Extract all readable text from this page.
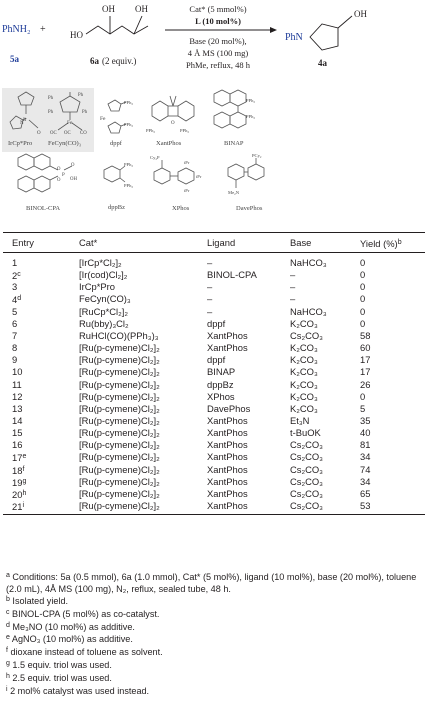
PhNH₂ +
5a
HO
OH OH
6a (2 equiv.)
Cat* (5 mmol%)
L (10 mol%)
Base (20 mol%),
4 Å MS (100 mg)
PhMe, reflux, 48 h
PhN
OH
4a
Ir
N
O
IrCp*Pro
Ph
Ph
Ph	Ph
Fe
OC	CO
OC
FeCyn(CO)₃
Fe
PPh₂
PPh₂
dppf
O
PPh₂	PPh₂
XantPhos
PPh₂
PPh₂
BINAP
O
O
P
O
OH
BINOL-CPA
PPh₂
PPh₂
dppBz
Cy₂P
iPr
iPr
iPr
XPhos
PCy₂
Me₂N
DavePhos
Entry	Cat*	Ligand	Base	Yield (%)$^b$
1	[IrCp*Cl₂]₂	–	NaHCO₃	0
2$^c$	[Ir(cod)Cl₂]₂	BINOL-CPA	–	0
3	IrCp*Pro	–	–	0
4$^d$	FeCyn(CO)₃	–	–	0
5	[RuCp*Cl₂]₂	–	NaHCO₃	0
6	Ru(bby)₃Cl₂	dppf	K₂CO₃	0
7	RuHCl(CO)(PPh₃)₃	XantPhos	Cs₂CO₃	58
8	[Ru(p-cymene)Cl₂]₂	XantPhos	K₂CO₃	60
9	[Ru(p-cymene)Cl₂]₂	dppf	K₂CO₃	17
10	[Ru(p-cymene)Cl₂]₂	BINAP	K₂CO₃	17
11	[Ru(p-cymene)Cl₂]₂	dppBz	K₂CO₃	26
12	[Ru(p-cymene)Cl₂]₂	XPhos	K₂CO₃	0
13	[Ru(p-cymene)Cl₂]₂	DavePhos	K₂CO₃	5
14	[Ru(p-cymene)Cl₂]₂	XantPhos	Et₃N	35
15	[Ru(p-cymene)Cl₂]₂	XantPhos	t-BuOK	40
16	[Ru(p-cymene)Cl₂]₂	XantPhos	Cs₂CO₃	81
17e	[Ru(p-cymene)Cl₂]₂	XantPhos	Cs₂CO₃	34
18$^f$	[Ru(p-cymene)Cl₂]₂	XantPhos	Cs₂CO₃	74
19$^g$	[Ru(p-cymene)Cl₂]₂	XantPhos	Cs₂CO₃	34
20$^h$	[Ru(p-cymene)Cl₂]₂	XantPhos	Cs₂CO₃	65
21$^i$	[Ru(p-cymene)Cl₂]₂	XantPhos	Cs₂CO₃	53
$^a$ Conditions: 5a (0.5 mmol), 6a (1.0 mmol), Cat* (5 mol%), ligand (10 mol%), base (20 mol%), toluene (2.0 mL), 4Å MS (100 mg), N₂, reflux, sealed tube, 48 h.
$^b$ Isolated yield.
$^c$ BINOL-CPA (5 mol%) as co-catalyst.
$^d$ Me₃NO (10 mol%) as additive.
$^e$ AgNO₃ (10 mol%) as additive.
$^f$ dioxane instead of toluene as solvent.
$^g$ 1.5 equiv. triol was used.
$^h$ 2.5 equiv. triol was used.
$^i$ 2 mol% catalyst was used instead.
